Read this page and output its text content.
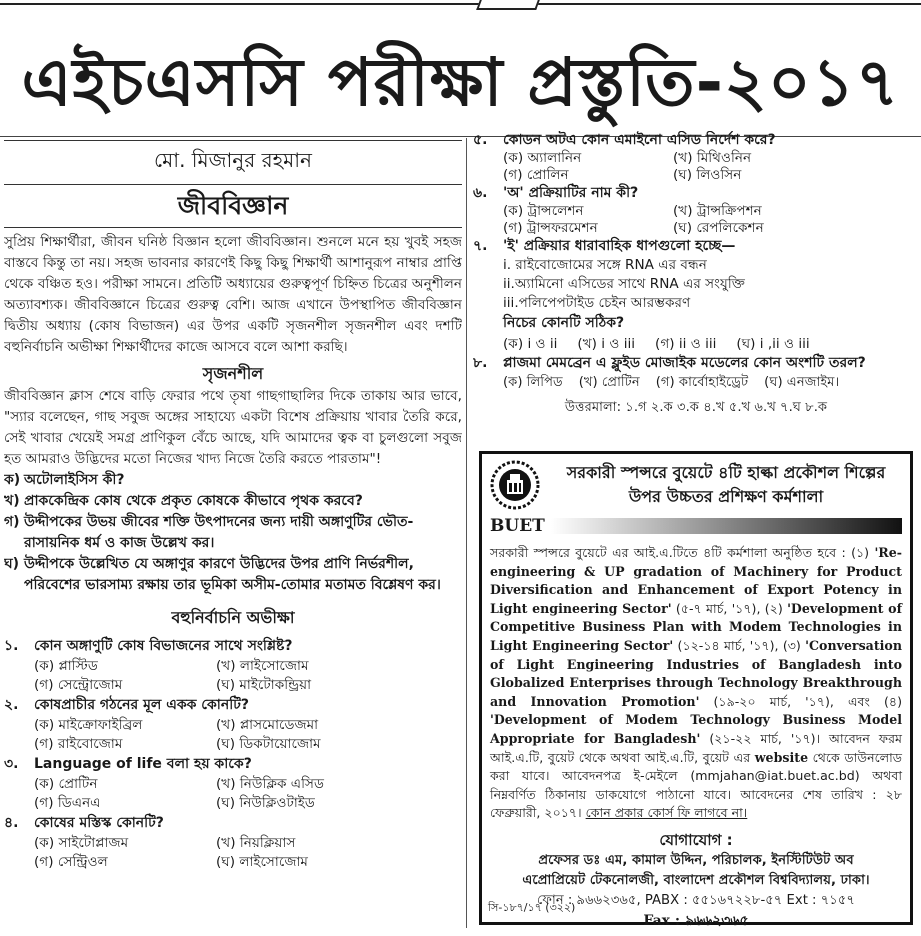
এইচএসসি পরীক্ষা প্রস্তুতি-২০১৭
মো. মিজানুর রহমান
জীববিজ্ঞান

সুপ্রিয় শিক্ষার্থীরা, জীবন ঘনিষ্ঠ বিজ্ঞান হলো জীববিজ্ঞান। শুনলে মনে হয় খুবই সহজ বাস্তবে কিন্তু তা নয়। সহজ ভাবনার কারণেই কিছু কিছু শিক্ষার্থী আশানুরূপ নাম্বার প্রাপ্তি থেকে বঞ্চিত হও। পরীক্ষা সামনে। প্রতিটি অধ্যায়ের গুরুত্বপূর্ণ চিহ্নিত চিত্রের অনুশীলন অত্যাবশ্যক। জীববিজ্ঞানে চিত্রের গুরুত্ব বেশি। আজ এখানে উপস্থাপিত জীববিজ্ঞান দ্বিতীয় অধ্যায় (কোষ বিভাজন) এর উপর একটি সৃজনশীল সৃজনশীল এবং দশটি বহুনির্বাচনি অভীক্ষা শিক্ষার্থীদের কাজে আসবে বলে আশা করছি।

সৃজনশীল

জীববিজ্ঞান ক্লাস শেষে বাড়ি ফেরার পথে তৃষা গাছগাছালির দিকে তাকায় আর ভাবে, "স্যার বলেছেন, গাছ সবুজ অঙ্গের সাহায্যে একটা বিশেষ প্রক্রিয়ায় খাবার তৈরি করে, সেই খাবার খেয়েই সমগ্র প্রাণিকুল বেঁচে আছে, যদি আমাদের ত্বক বা চুলগুলো সবুজ হত আমরাও উদ্ভিদের মতো নিজের খাদ্য নিজে তৈরি করতে পারতাম"!

ক) অটোলাইসিস কী?
খ) প্রাককেন্দ্রিক কোষ থেকে প্রকৃত কোষকে কীভাবে পৃথক করবে?
গ) উদ্দীপকের উভয় জীবের শক্তি উৎপাদনের জন্য দায়ী অঙ্গাণুটির ভৌত-রাসায়নিক ধর্ম ও কাজ উল্লেখ কর।
ঘ) উদ্দীপকে উল্লেখিত যে অঙ্গাণুর কারণে উদ্ভিদের উপর প্রাণি নির্ভরশীল, পরিবেশের ভারসাম্য রক্ষায় তার ভূমিকা অসীম-তোমার মতামত বিশ্লেষণ কর।
বহুনির্বাচনি অভীক্ষা
১.	কোন অঙ্গাণুটি কোষ বিভাজনের সাথে সংশ্লিষ্ট?
(ক) প্লাস্টিড	(খ) লাইসোজোম
(গ) সেন্ট্রোজোম	(ঘ) মাইটোকন্ড্রিয়া
২.	কোষপ্রাচীর গঠনের মূল একক কোনটি?
(ক) মাইক্রোফাইব্রিল	(খ) প্লাসমোডেজমা
(গ) রাইবোজোম	(ঘ) ডিকটায়োজোম
৩.	Language of life বলা হয় কাকে?
(ক) প্রোটিন	(খ) নিউক্লিক এসিড
(গ) ডিএনএ	(ঘ) নিউক্লিওটাইড
৪.	কোষের মস্তিস্ক কোনটি?
(ক) সাইটোপ্লাজম	(খ) নিয়ক্লিয়াস
(গ) সেন্ট্রিওল	(ঘ) লাইসোজোম
৫.	কোডন অটএ কোন এমাইনো এসিড নির্দেশ করে?
(ক) অ্যালানিন	(খ) মিথিওনিন
(গ) প্রোলিন	(ঘ) লিওসিন
৬.	'অ' প্রক্রিয়াটির নাম কী?
(ক) ট্রান্সলেশন	(খ) ট্রান্সক্রিপশন
(গ) ট্রান্সফরমেশন	(ঘ) রেপলিকেশন
৭.	'ই' প্রক্রিয়ার ধারাবাহিক ধাপগুলো হচ্ছে—
i. রাইবোজোমের সঙ্গে RNA এর বন্ধন
ii.অ্যামিনো এসিডের সাথে RNA এর সংযুক্তি
iii.পলিপেপটাইড চেইন আরম্ভকরণ
নিচের কোনটি সঠিক?
(ক) i ও ii (খ) i ও iii (গ) ii ও iii (ঘ) i ,ii ও iii
৮.	প্লাজমা মেমব্রেন এ ফ্লুইড মোজাইক মডেলের কোন অংশটি তরল?
(ক) লিপিড (খ) প্রোটিন (গ) কার্বোহাইড্রেট (ঘ) এনজাইম।
উত্তরমালা: ১.গ ২.ক ৩.ক ৪.খ ৫.খ ৬.খ ৭.ঘ ৮.ক
সরকারী স্পন্সরে বুয়েটে ৪টি হাল্কা প্রকৌশল শিল্পের উপর উচ্চতর প্রশিক্ষণ কর্মশালা
BUET

সরকারী স্পন্সরে বুয়েটে এর আই.এ.টিতে ৪টি কর্মশালা অনুষ্ঠিত হবে : (১) 'Re-engineering & UP gradation of Machinery for Product Diversification and Enhancement of Export Potency in Light engineering Sector' (৫-৭ মার্চ, '১৭), (২) 'Development of Competitive Business Plan with Modem Technologies in Light Engineering Sector' (১২-১৪ মার্চ, '১৭), (৩) 'Conversation of Light Engineering Industries of Bangladesh into Globalized Enterprises through Technology Breakthrough and Innovation Promotion' (১৯-২০ মার্চ, '১৭), এবং (৪) 'Development of Modem Technology Business Model Appropriate for Bangladesh' (২১-২২ মার্চ, '১৭)। আবেদন ফরম আই.এ.টি, বুয়েট থেকে অথবা আই.এ.টি, বুয়েট এর website থেকে ডাউনলোড করা যাবে। আবেদনপত্র ই-মেইলে (mmjahan@iat.buet.ac.bd) অথবা নিম্নবর্ণিত ঠিকানায় ডাকযোগে পাঠানো যাবে। আবেদনের শেষ তারিখ : ২৮ ফেব্রুয়ারী, ২০১৭। কোন প্রকার কোর্স ফি লাগবে না।

যোগাযোগ :
প্রফেসর ডঃ এম, কামাল উদ্দিন, পরিচালক, ইনস্টিটিউট অব
এপ্রোপ্রিয়েট টেকনোলজী, বাংলাদেশ প্রকৌশল বিশ্ববিদ্যালয়, ঢাকা।
ফোন : ৯৬৬২৩৬৫, PABX : ৫৫১৬৭২২৮-৫৭ Ext : ৭১৫৭
Fax : ৯৬৬২৩৬৫
সি-১৮৭/১৭ (৩২২)
